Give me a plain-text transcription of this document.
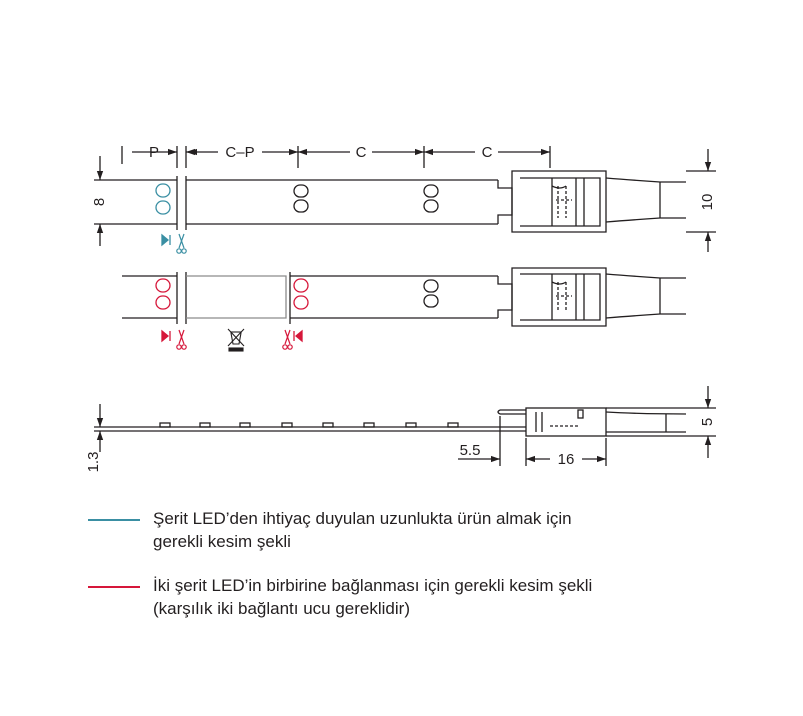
P	C–P	C	C
8	10
5
1.3
5.5
16
Şerit LED’den ihtiyaç duyulan uzunlukta ürün almak için
gerekli kesim şekli
İki şerit LED’in birbirine bağlanması için gerekli kesim şekli
(karşılık iki bağlantı ucu gereklidir)
